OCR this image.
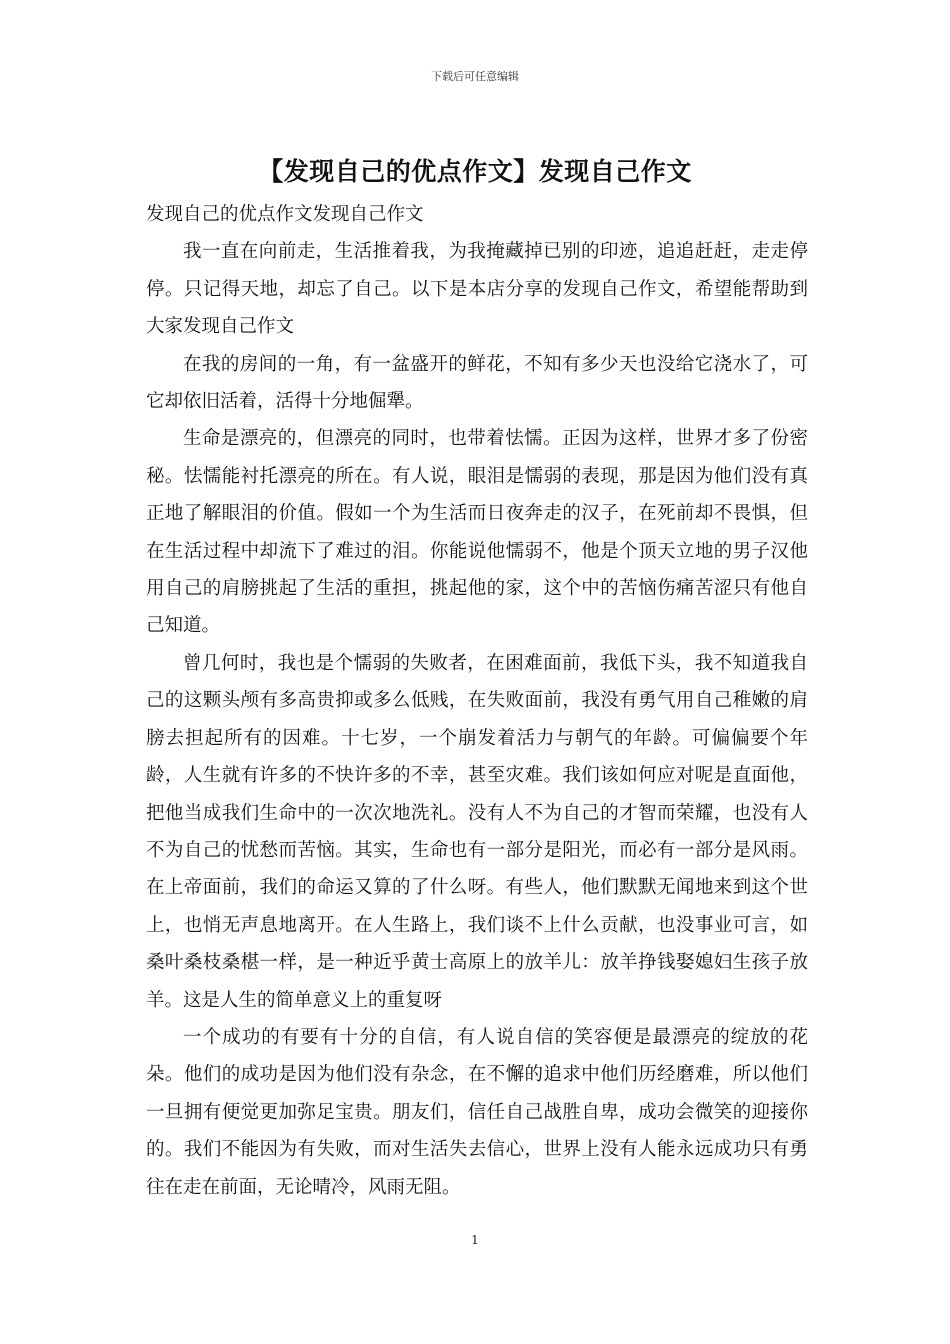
下载后可任意编辑
【发现自己的优点作文】发现自己作文

发现自己的优点作文发现自己作文

我一直在向前走，生活推着我，为我掩藏掉已别的印迹，追追赶赶，走走停停。只记得天地，却忘了自己。以下是本店分享的发现自己作文，希望能帮助到大家发现自己作文

在我的房间的一角，有一盆盛开的鲜花，不知有多少天也没给它浇水了，可它却依旧活着，活得十分地倔犟。

生命是漂亮的，但漂亮的同时，也带着怯懦。正因为这样，世界才多了份密秘。怯懦能衬托漂亮的所在。有人说，眼泪是懦弱的表现，那是因为他们没有真正地了解眼泪的价值。假如一个为生活而日夜奔走的汉子，在死前却不畏惧，但在生活过程中却流下了难过的泪。你能说他懦弱不，他是个顶天立地的男子汉他用自己的肩膀挑起了生活的重担，挑起他的家，这个中的苦恼伤痛苦涩只有他自己知道。

曾几何时，我也是个懦弱的失败者，在困难面前，我低下头，我不知道我自己的这颗头颅有多高贵抑或多么低贱，在失败面前，我没有勇气用自己稚嫩的肩膀去担起所有的因难。十七岁，一个崩发着活力与朝气的年龄。可偏偏要个年龄，人生就有许多的不快许多的不幸，甚至灾难。我们该如何应对呢是直面他，把他当成我们生命中的一次次地洗礼。没有人不为自己的才智而荣耀，也没有人不为自己的忧愁而苦恼。其实，生命也有一部分是阳光，而必有一部分是风雨。在上帝面前，我们的命运又算的了什么呀。有些人，他们默默无闻地来到这个世上，也悄无声息地离开。在人生路上，我们谈不上什么贡献，也没事业可言，如桑叶桑枝桑椹一样，是一种近乎黄士高原上的放羊儿：放羊挣钱娶媳妇生孩子放羊。这是人生的简单意义上的重复呀

一个成功的有要有十分的自信，有人说自信的笑容便是最漂亮的绽放的花朵。他们的成功是因为他们没有杂念，在不懈的追求中他们历经磨难，所以他们一旦拥有便觉更加弥足宝贵。朋友们，信任自己战胜自卑，成功会微笑的迎接你的。我们不能因为有失败，而对生活失去信心，世界上没有人能永远成功只有勇往在走在前面，无论晴冷，风雨无阻。

1
